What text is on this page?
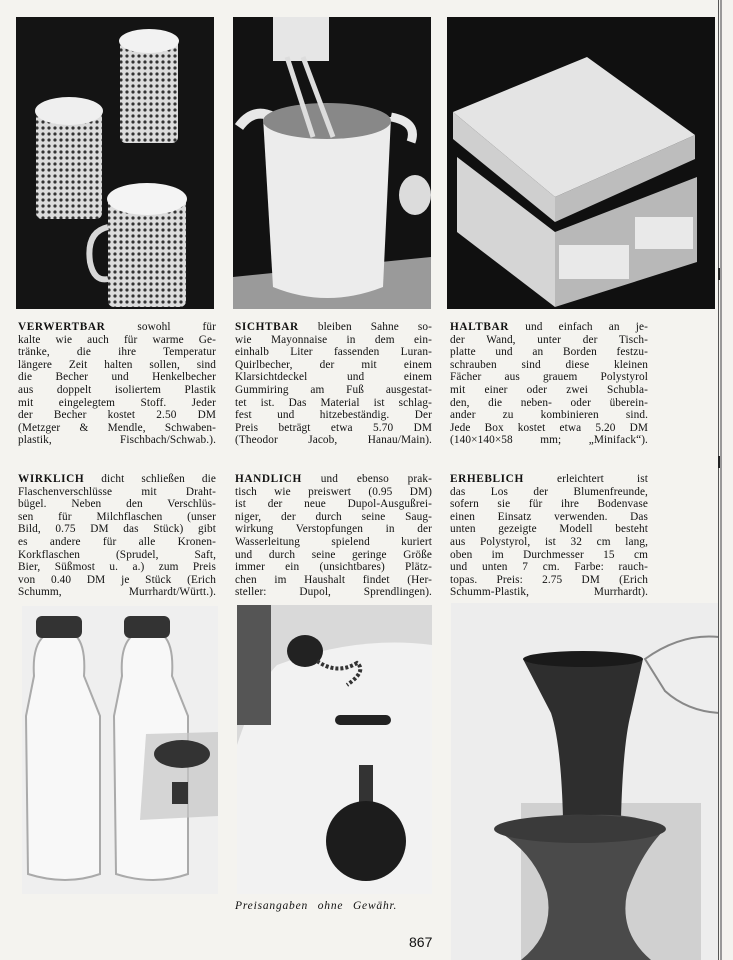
VERWERTBAR sowohl für
kalte wie auch für warme Ge-
tränke, die ihre Temperatur
längere Zeit halten sollen, sind
die Becher und Henkelbecher
aus doppelt isoliertem Plastik
mit eingelegtem Stoff. Jeder
der Becher kostet 2.50 DM
(Metzger & Mendle, Schwaben-
plastik, Fischbach/Schwab.).
SICHTBAR bleiben Sahne so-
wie Mayonnaise in dem ein-
einhalb Liter fassenden Luran-
Quirlbecher, der mit einem
Klarsichtdeckel und einem
Gummiring am Fuß ausgestat-
tet ist. Das Material ist schlag-
fest und hitzebeständig. Der
Preis beträgt etwa 5.70 DM
(Theodor Jacob, Hanau/Main).
HALTBAR und einfach an je-
der Wand, unter der Tisch-
platte und an Borden festzu-
schrauben sind diese kleinen
Fächer aus grauem Polystyrol
mit einer oder zwei Schubla-
den, die neben- oder überein-
ander zu kombinieren sind.
Jede Box kostet etwa 5.20 DM
(140×140×58 mm; „Minifack“).
WIRKLICH dicht schließen die
Flaschenverschlüsse mit Draht-
bügel. Neben den Verschlüs-
sen für Milchflaschen (unser
Bild, 0.75 DM das Stück) gibt
es andere für alle Kronen-
Korkflaschen (Sprudel, Saft,
Bier, Süßmost u. a.) zum Preis
von 0.40 DM je Stück (Erich
Schumm, Murrhardt/Württ.).
HANDLICH und ebenso prak-
tisch wie preiswert (0.95 DM)
ist der neue Dupol-Ausgußrei-
niger, der durch seine Saug-
wirkung Verstopfungen in der
Wasserleitung spielend kuriert
und durch seine geringe Größe
immer ein (unsichtbares) Plätz-
chen im Haushalt findet (Her-
steller: Dupol, Sprendlingen).
ERHEBLICH erleichtert ist
das Los der Blumenfreunde,
sofern sie für ihre Bodenvase
einen Einsatz verwenden. Das
unten gezeigte Modell besteht
aus Polystyrol, ist 32 cm lang,
oben im Durchmesser 15 cm
und unten 7 cm. Farbe: rauch-
topas. Preis: 2.75 DM (Erich
Schumm-Plastik, Murrhardt).
Preisangaben ohne Gewähr.
867
